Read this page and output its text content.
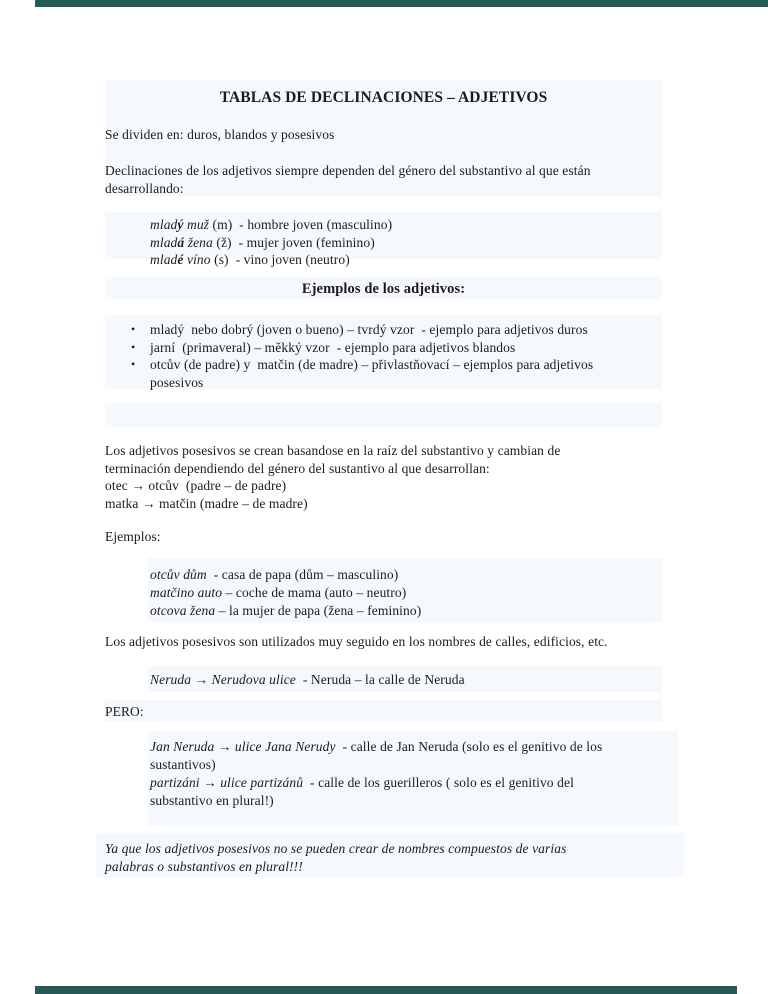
TABLAS DE DECLINACIONES – ADJETIVOS
Se dividen en: duros, blandos y posesivos
Declinaciones de los adjetivos siempre dependen del género del substantivo al que están
desarrollando:
mladý muž (m)  - hombre joven (masculino)
mladá žena (ž)  - mujer joven (feminino)
mladé víno (s)  - vino joven (neutro)
Ejemplos de los adjetivos:
•	mladý  nebo dobrý (joven o bueno) – tvrdý vzor  - ejemplo para adjetivos duros
•	jarní  (primaveral) – měkký vzor  - ejemplo para adjetivos blandos
•	otcův (de padre) y  matčin (de madre) – přivlastňovací – ejemplos para adjetivos
posesivos
Los adjetivos posesivos se crean basandose en la raíz del substantivo y cambian de
terminación dependiendo del género del sustantivo al que desarrollan:
otec → otcův  (padre – de padre)
matka → matčin (madre – de madre)
Ejemplos:
otcův dům  - casa de papa (dům – masculino)
matčino auto – coche de mama (auto – neutro)
otcova žena – la mujer de papa (žena – feminino)
Los adjetivos posesivos son utilizados muy seguido en los nombres de calles, edificios, etc.
Neruda → Nerudova ulice  - Neruda – la calle de Neruda
PERO:
Jan Neruda → ulice Jana Nerudy  - calle de Jan Neruda (solo es el genitivo de los
sustantivos)
partizáni → ulice partizánů  - calle de los guerilleros ( solo es el genitivo del
substantivo en plural!)
Ya que los adjetivos posesivos no se pueden crear de nombres compuestos de varias
palabras o substantivos en plural!!!
